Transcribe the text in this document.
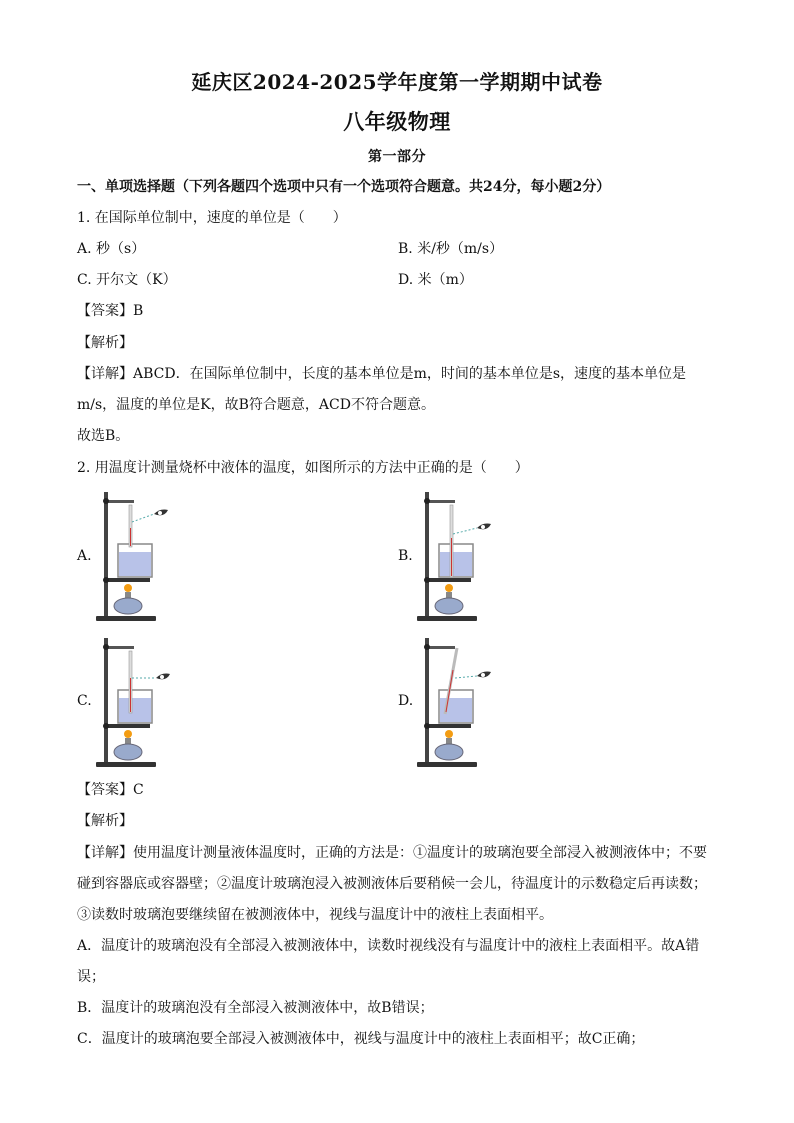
延庆区2024-2025学年度第一学期期中试卷
八年级物理
第一部分
一、单项选择题（下列各题四个选项中只有一个选项符合题意。共24分，每小题2分）
1. 在国际单位制中，速度的单位是（　　）
A. 秒（s）	B. 米/秒（m/s）
C. 开尔文（K）	D. 米（m）
【答案】B
【解析】
【详解】ABCD．在国际单位制中，长度的基本单位是m，时间的基本单位是s，速度的基本单位是
m/s，温度的单位是K，故B符合题意，ACD不符合题意。
故选B。
2. 用温度计测量烧杯中液体的温度，如图所示的方法中正确的是（　　）
A.	B.
C.	D.
【答案】C
【解析】
【详解】使用温度计测量液体温度时，正确的方法是：①温度计的玻璃泡要全部浸入被测液体中；不要
碰到容器底或容器壁；②温度计玻璃泡浸入被测液体后要稍候一会儿，待温度计的示数稳定后再读数；
③读数时玻璃泡要继续留在被测液体中，视线与温度计中的液柱上表面相平。
A．温度计的玻璃泡没有全部浸入被测液体中，读数时视线没有与温度计中的液柱上表面相平。故A错
误；
B．温度计的玻璃泡没有全部浸入被测液体中，故B错误；
C．温度计的玻璃泡要全部浸入被测液体中，视线与温度计中的液柱上表面相平；故C正确；
